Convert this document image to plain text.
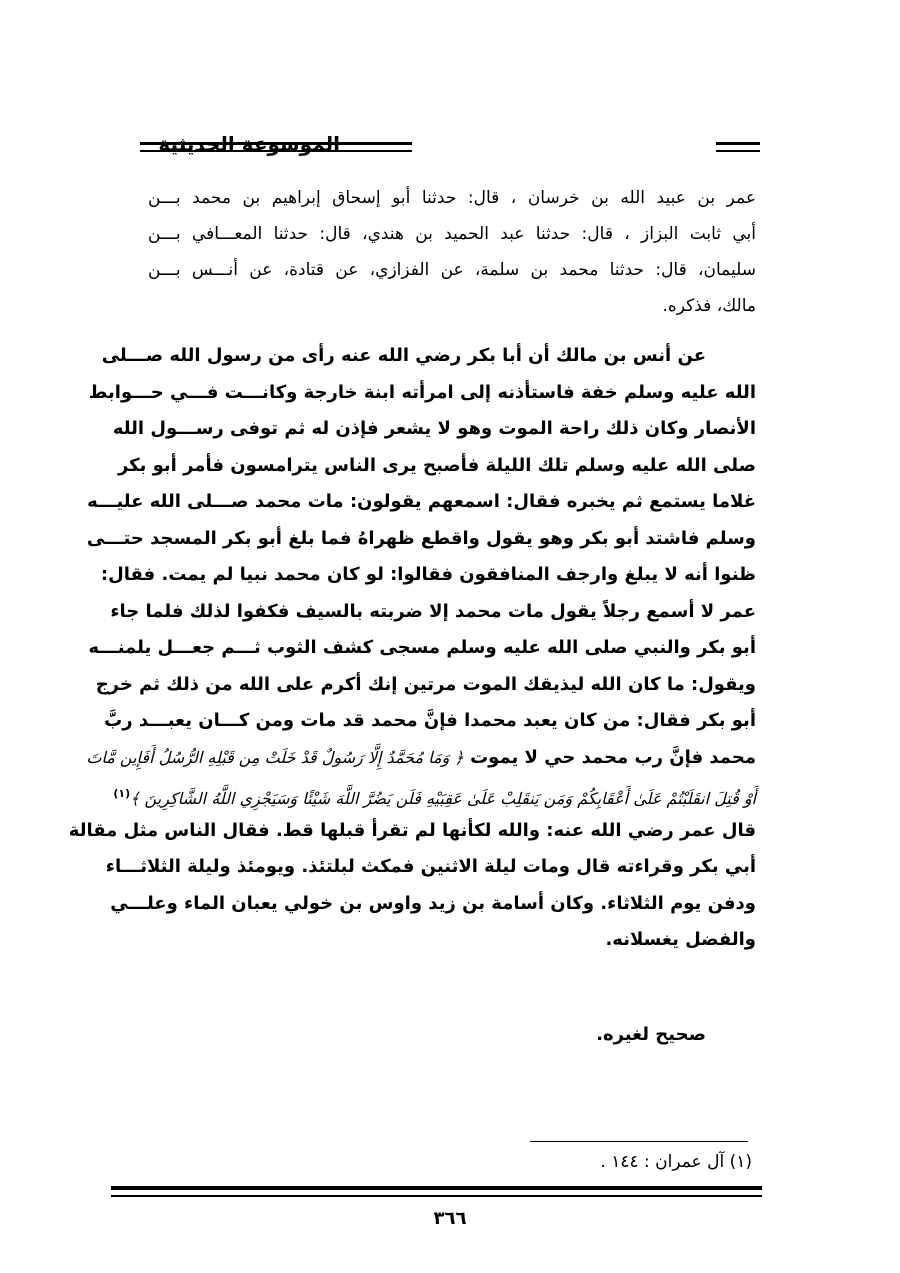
الموسوعة الحديثية
عمر بن عبيد الله بن خرسان ، قال: حدثنا أبو إسحاق إبراهيم بن محمد بـــن
أبي ثابت البزاز ، قال: حدثنا عبد الحميد بن هندي، قال: حدثنا المعـــافي بـــن
سليمان، قال: حدثنا محمد بن سلمة، عن الفزازي، عن قتادة، عن أنـــس بـــن
مالك، فذكره.
عن أنس بن مالك أن أبا بكر رضي الله عنه رأى من رسول الله صـــلى
الله عليه وسلم خفة فاستأذنه إلى امرأته ابنة خارجة وكانـــت فـــي حـــوابط
الأنصار وكان ذلك راحة الموت وهو لا يشعر فإذن له ثم توفى رســـول الله
صلى الله عليه وسلم تلك الليلة فأصبح يرى الناس يترامسون فأمر أبو بكر
غلاما يستمع ثم يخبره فقال: اسمعهم يقولون: مات محمد صـــلى الله عليـــه
وسلم فاشتد أبو بكر وهو يقول واقطع ظهراهُ فما بلغ أبو بكر المسجد حتـــى
ظنوا أنه لا يبلغ وارجف المنافقون فقالوا: لو كان محمد نبيا لم يمت. فقال:
عمر لا أسمع رجلاً يقول مات محمد إلا ضربته بالسيف فكفوا لذلك فلما جاء
أبو بكر والنبي صلى الله عليه وسلم مسجى كشف الثوب ثـــم جعـــل يلمنـــه
ويقول: ما كان الله ليذيقك الموت مرتين إنك أكرم على الله من ذلك ثم خرج
أبو بكر فقال: من كان يعبد محمدا فإنَّ محمد قد مات ومن كـــان يعبـــد ربَّ
محمد فإنَّ رب محمد حي لا يموت ﴿ وَمَا مُحَمَّدٌ إِلَّا رَسُولٌ قَدْ خَلَتْ مِن قَبْلِهِ الرُّسُلُ أَفَإِين مَّاتَ
أَوْ قُتِلَ انقَلَبْتُمْ عَلَىٰ أَعْقَابِكُمْ وَمَن يَنقَلِبْ عَلَىٰ عَقِبَيْهِ فَلَن يَضُرَّ اللَّهَ شَيْئًا وَسَيَجْزِي اللَّهُ الشَّاكِرِينَ ﴾$^{(١)}$
قال عمر رضي الله عنه: والله لكأنها لم تقرأ قبلها قط. فقال الناس مثل مقالة
أبي بكر وقراءته قال ومات ليلة الاثنين فمكث لبلتئذ. ويومئذ وليلة الثلاثـــاء
ودفن يوم الثلاثاء. وكان أسامة بن زيد واوس بن خولي يعبان الماء وعلـــي
والفضل يغسلانه.
صحيح لغيره.
(١) آل عمران : ١٤٤ .
٣٦٦
